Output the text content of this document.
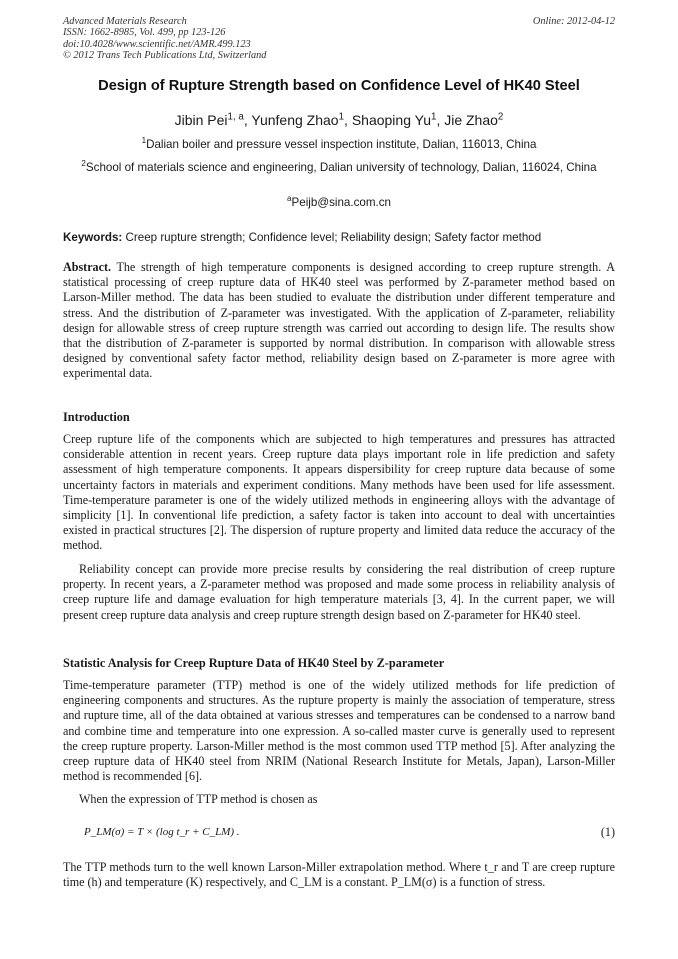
Advanced Materials Research
ISSN: 1662-8985, Vol. 499, pp 123-126
doi:10.4028/www.scientific.net/AMR.499.123
© 2012 Trans Tech Publications Ltd, Switzerland
Online: 2012-04-12
Design of Rupture Strength based on Confidence Level of HK40 Steel
Jibin Pei$^{1, a}$, Yunfeng Zhao$^1$, Shaoping Yu$^1$, Jie Zhao$^2$
$^1$Dalian boiler and pressure vessel inspection institute, Dalian, 116013, China
$^2$School of materials science and engineering, Dalian university of technology, Dalian, 116024, China
$^a$Peijb@sina.com.cn
Keywords: Creep rupture strength; Confidence level; Reliability design; Safety factor method
Abstract. The strength of high temperature components is designed according to creep rupture strength. A statistical processing of creep rupture data of HK40 steel was performed by Z-parameter method based on Larson-Miller method. The data has been studied to evaluate the distribution under different temperature and stress. And the distribution of Z-parameter was investigated. With the application of Z-parameter, reliability design for allowable stress of creep rupture strength was carried out according to design life. The results show that the distribution of Z-parameter is supported by normal distribution. In comparison with allowable stress designed by conventional safety factor method, reliability design based on Z-parameter is more agree with experimental data.
Introduction
Creep rupture life of the components which are subjected to high temperatures and pressures has attracted considerable attention in recent years. Creep rupture data plays important role in life prediction and safety assessment of high temperature components. It appears dispersibility for creep rupture data because of some uncertainty factors in materials and experiment conditions. Many methods have been used for life assessment. Time-temperature parameter is one of the widely utilized methods in engineering alloys with the advantage of simplicity [1]. In conventional life prediction, a safety factor is taken into account to deal with uncertainties existed in practical structures [2]. The dispersion of rupture property and limited data reduce the accuracy of the method.
Reliability concept can provide more precise results by considering the real distribution of creep rupture property. In recent years, a Z-parameter method was proposed and made some process in reliability analysis of creep rupture life and damage evaluation for high temperature materials [3, 4]. In the current paper, we will present creep rupture data analysis and creep rupture strength design based on Z-parameter for HK40 steel.
Statistic Analysis for Creep Rupture Data of HK40 Steel by Z-parameter
Time-temperature parameter (TTP) method is one of the widely utilized methods for life prediction of engineering components and structures. As the rupture property is mainly the association of temperature, stress and rupture time, all of the data obtained at various stresses and temperatures can be condensed to a narrow band and combine time and temperature into one expression. A so-called master curve is generally used to represent the creep rupture property. Larson-Miller method is the most common used TTP method [5]. After analyzing the creep rupture data of HK40 steel from NRIM (National Research Institute for Metals, Japan), Larson-Miller method is recommended [6].
When the expression of TTP method is chosen as
P_LM(σ) = T × (log t_r + C_LM) .	(1)
The TTP methods turn to the well known Larson-Miller extrapolation method. Where t_r and T are creep rupture time (h) and temperature (K) respectively, and C_LM is a constant. P_LM(σ) is a function of stress.
